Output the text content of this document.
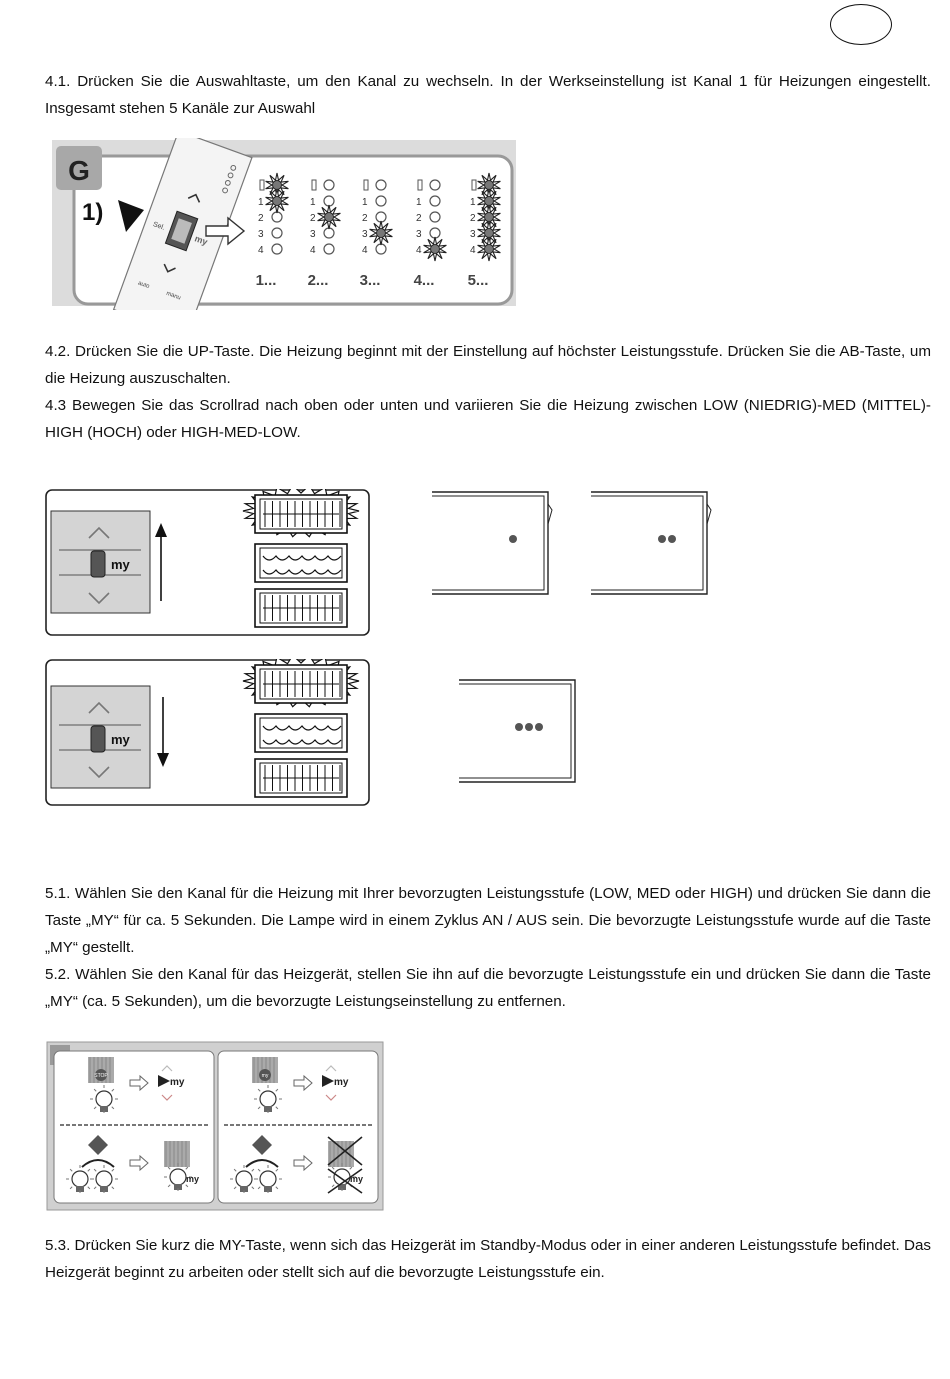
4.1. Drücken Sie die Auswahltaste, um den Kanal zu wechseln. In der Werkseinstellung ist Kanal 1 für Heizungen eingestellt. Insgesamt stehen 5 Kanäle zur Auswahl

G
1)
Sel.
my
auto
manu
1
2
3
4
1...
1
2
3
4
2...
1
2
3
4
3...
1
2
3
4
4...
1
2
3
4
5...

4.2. Drücken Sie die UP-Taste. Die Heizung beginnt mit der Einstellung auf höchster Leistungsstufe. Drücken Sie die AB-Taste, um die Heizung auszuschalten.

4.3 Bewegen Sie das Scrollrad nach oben oder unten und variieren Sie die Heizung zwischen LOW (NIEDRIG)-MED (MITTEL)-HIGH (HOCH) oder HIGH-MED-LOW.

my
my

5.1. Wählen Sie den Kanal für die Heizung mit Ihrer bevorzugten Leistungsstufe (LOW, MED oder HIGH) und drücken Sie dann die Taste „MY“ für ca. 5 Sekunden. Die Lampe wird in einem Zyklus AN / AUS sein. Die bevorzugte Leistungsstufe wurde auf die Taste „MY“ gestellt.

5.2. Wählen Sie den Kanal für das Heizgerät, stellen Sie ihn auf die bevorzugte Leistungsstufe ein und drücken Sie dann die Taste „MY“ (ca. 5 Sekunden), um die bevorzugte Leistungseinstellung zu entfernen.

STOP
my
my
my
my
my

5.3. Drücken Sie kurz die MY-Taste, wenn sich das Heizgerät im Standby-Modus oder in einer anderen Leistungsstufe befindet. Das Heizgerät beginnt zu arbeiten oder stellt sich auf die bevorzugte Leistungsstufe ein.
